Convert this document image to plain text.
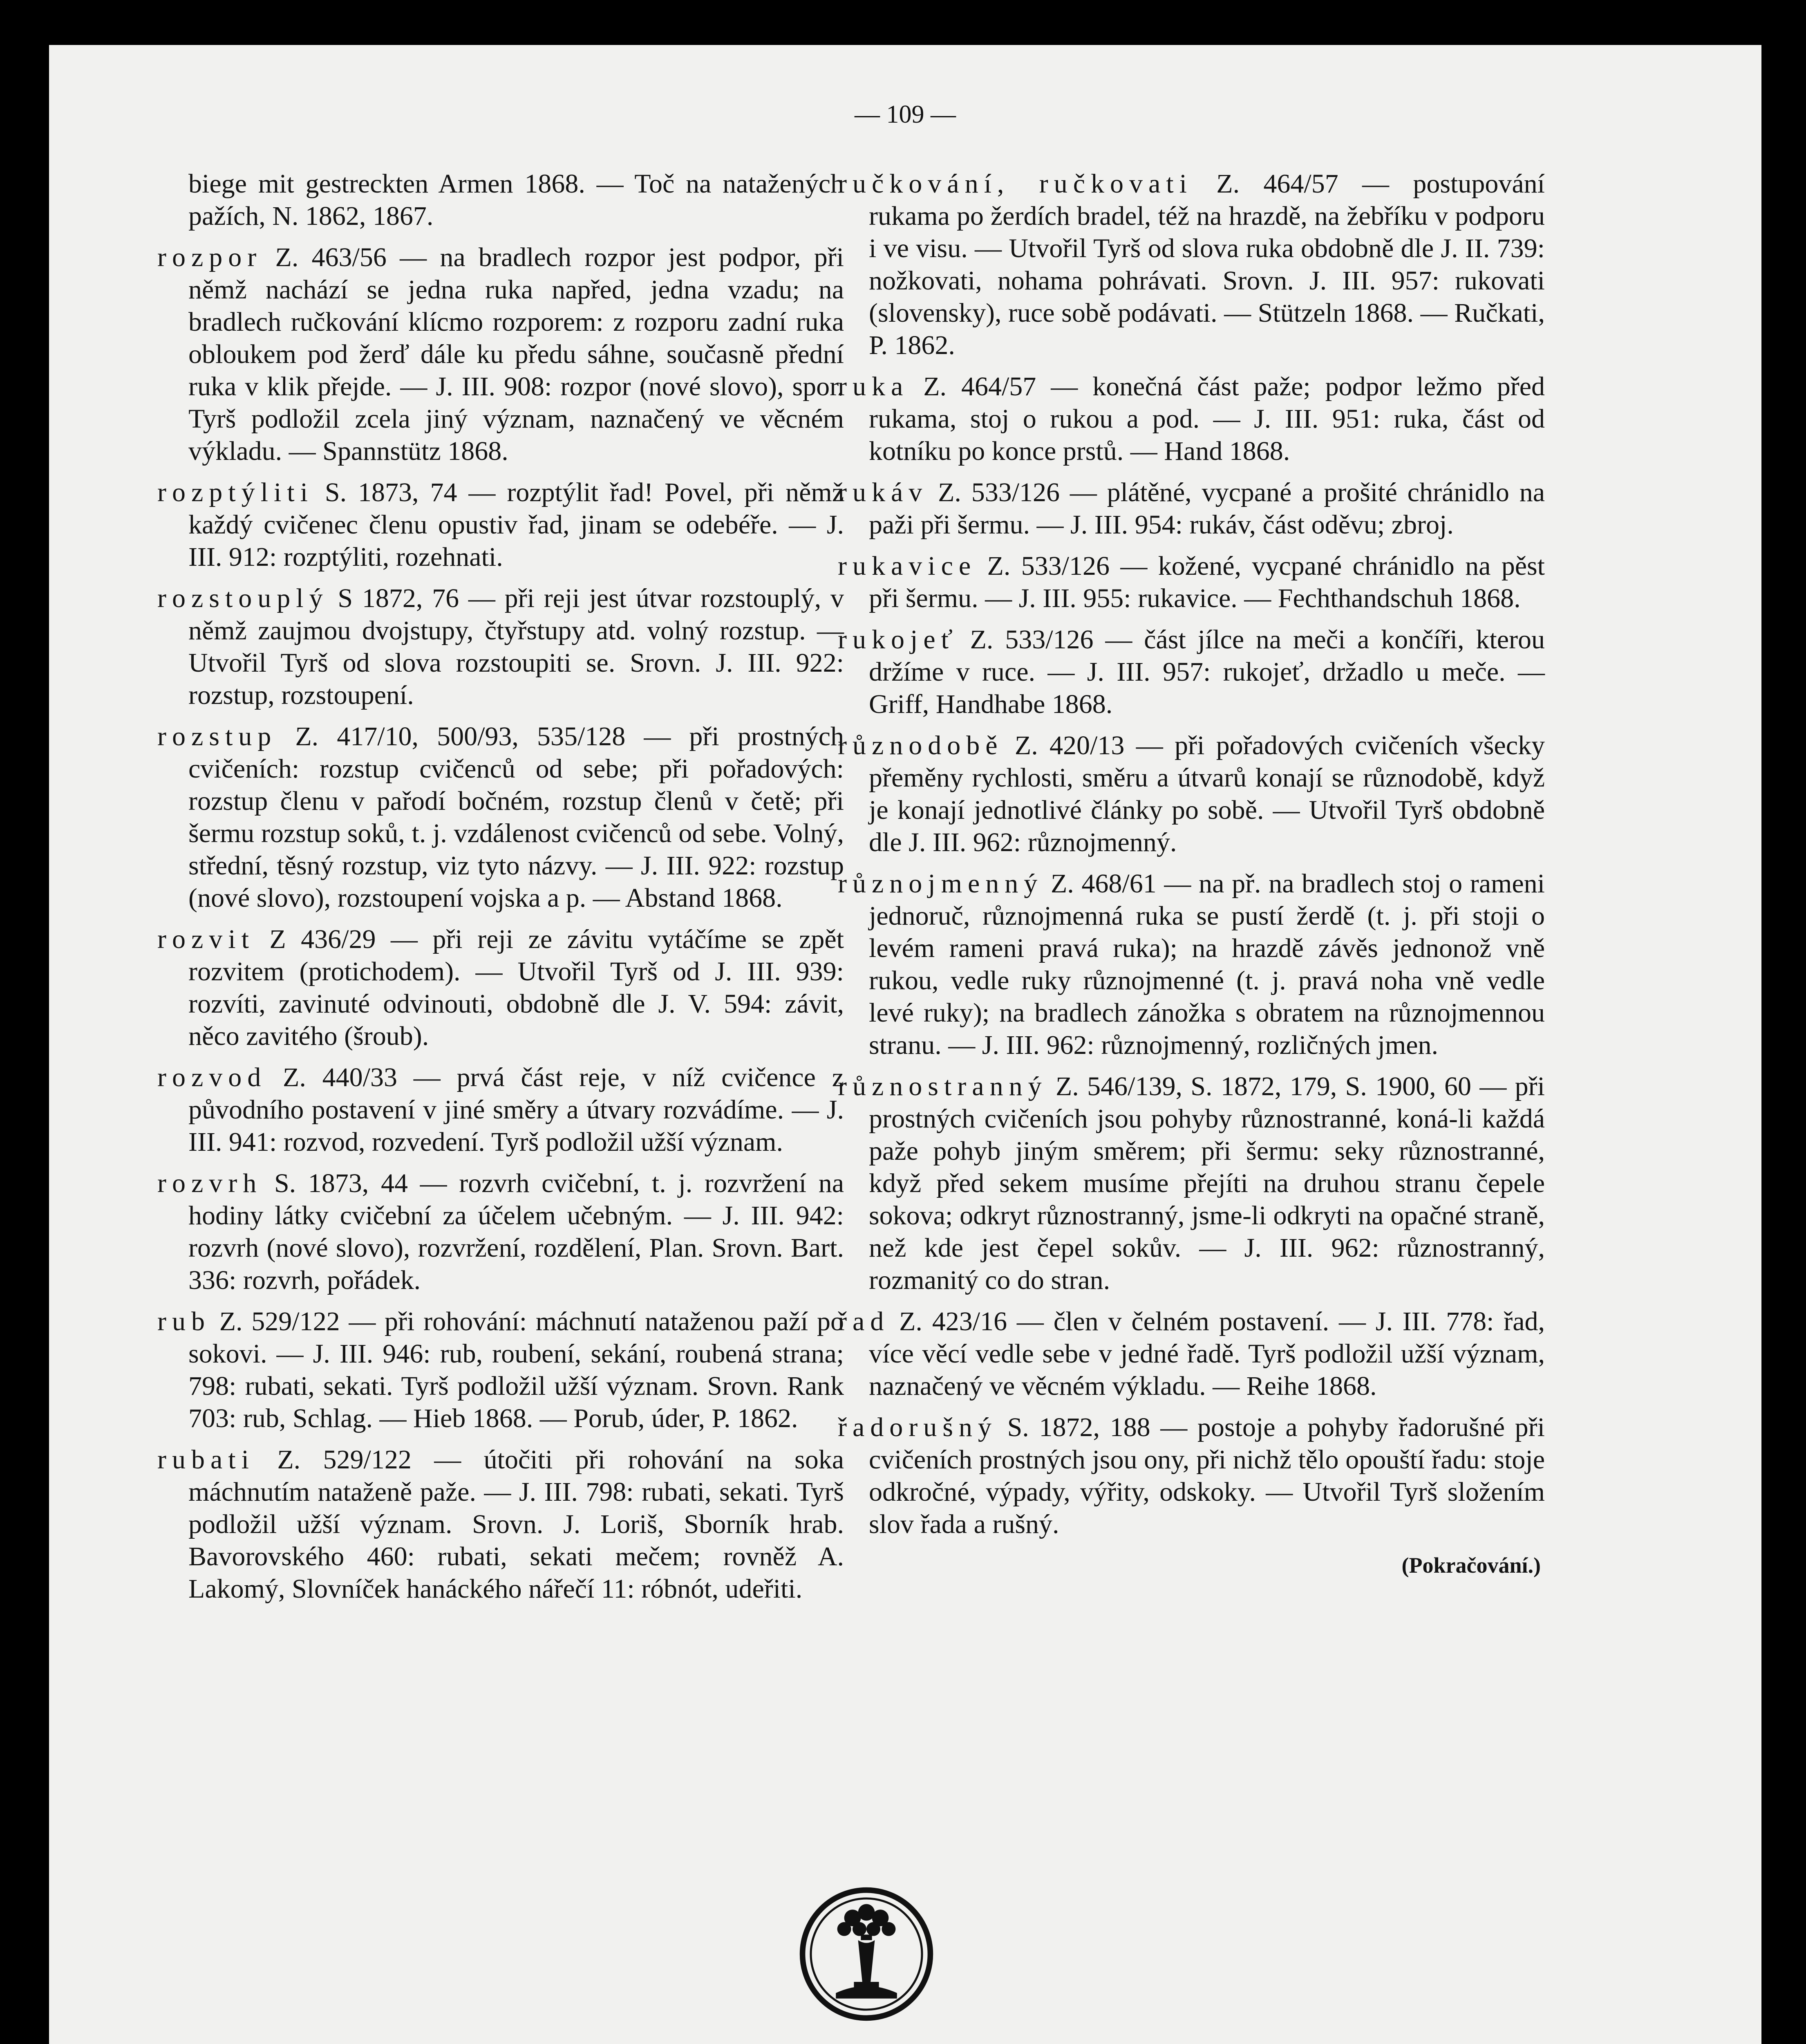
— 109 —

biege mit gestreckten Armen 1868. — Toč na natažených pažích, N. 1862, 1867.

rozpor Z. 463/56 — na bradlech rozpor jest podpor, při němž nachází se jedna ruka napřed, jedna vzadu; na bradlech ručkování klícmo rozporem: z rozporu zadní ruka obloukem pod žerď dále ku předu sáhne, současně přední ruka v klik přejde. — J. III. 908: rozpor (nové slovo), spor. Tyrš podložil zcela jiný význam, naznačený ve věcném výkladu. — Spannstütz 1868.

rozptýliti S. 1873, 74 — rozptýlit řad! Povel, při němž každý cvičenec členu opustiv řad, jinam se odebéře. — J. III. 912: rozptýliti, rozehnati.

rozstouplý S 1872, 76 — při reji jest útvar rozstouplý, v němž zaujmou dvojstupy, čtyřstupy atd. volný rozstup. — Utvořil Tyrš od slova rozstoupiti se. Srovn. J. III. 922: rozstup, rozstoupení.

rozstup Z. 417/10, 500/93, 535/128 — při prostných cvičeních: rozstup cvičenců od sebe; při pořadových: rozstup členu v pařodí bočném, rozstup členů v četě; při šermu rozstup soků, t. j. vzdálenost cvičenců od sebe. Volný, střední, těsný rozstup, viz tyto názvy. — J. III. 922: rozstup (nové slovo), rozstoupení vojska a p. — Abstand 1868.

rozvit Z 436/29 — při reji ze závitu vytáčíme se zpět rozvitem (protichodem). — Utvořil Tyrš od J. III. 939: rozvíti, zavinuté odvinouti, obdobně dle J. V. 594: závit, něco zavitého (šroub).

rozvod Z. 440/33 — prvá část reje, v níž cvičence z původního postavení v jiné směry a útvary rozvádíme. — J. III. 941: rozvod, rozvedení. Tyrš podložil užší význam.

rozvrh S. 1873, 44 — rozvrh cvičební, t. j. rozvržení na hodiny látky cvičební za účelem učebným. — J. III. 942: rozvrh (nové slovo), rozvržení, rozdělení, Plan. Srovn. Bart. 336: rozvrh, pořádek.

rub Z. 529/122 — při rohování: máchnutí nataženou paží po sokovi. — J. III. 946: rub, roubení, sekání, roubená strana; 798: rubati, sekati. Tyrš podložil užší význam. Srovn. Rank 703: rub, Schlag. — Hieb 1868. — Porub, úder, P. 1862.

rubati Z. 529/122 — útočiti při rohování na soka máchnutím nataženě paže. — J. III. 798: rubati, sekati. Tyrš podložil užší význam. Srovn. J. Loriš, Sborník hrab. Bavorovského 460: rubati, sekati mečem; rovněž A. Lakomý, Slovníček hanáckého nářečí 11: róbnót, udeřiti.

ručkování, ručkovati Z. 464/57 — postupování rukama po žerdích bradel, též na hrazdě, na žebříku v podporu i ve visu. — Utvořil Tyrš od slova ruka obdobně dle J. II. 739: nožkovati, nohama pohrávati. Srovn. J. III. 957: rukovati (slovensky), ruce sobě podávati. — Stützeln 1868. — Ručkati, P. 1862.

ruka Z. 464/57 — konečná část paže; podpor ležmo před rukama, stoj o rukou a pod. — J. III. 951: ruka, část od kotníku po konce prstů. — Hand 1868.

rukáv Z. 533/126 — plátěné, vycpané a prošité chránidlo na paži při šermu. — J. III. 954: rukáv, část oděvu; zbroj.

rukavice Z. 533/126 — kožené, vycpané chránidlo na pěst při šermu. — J. III. 955: rukavice. — Fechthandschuh 1868.

rukojeť Z. 533/126 — část jílce na meči a končíři, kterou držíme v ruce. — J. III. 957: rukojeť, držadlo u meče. — Griff, Handhabe 1868.

různodobě Z. 420/13 — při pořadových cvičeních všecky přeměny rychlosti, směru a útvarů konají se různodobě, když je konají jednotlivé články po sobě. — Utvořil Tyrš obdobně dle J. III. 962: různojmenný.

různojmenný Z. 468/61 — na př. na bradlech stoj o rameni jednoruč, různojmenná ruka se pustí žerdě (t. j. při stoji o levém rameni pravá ruka); na hrazdě závěs jednonož vně rukou, vedle ruky různojmenné (t. j. pravá noha vně vedle levé ruky); na bradlech zánožka s obratem na různojmennou stranu. — J. III. 962: různojmenný, rozličných jmen.

různostranný Z. 546/139, S. 1872, 179, S. 1900, 60 — při prostných cvičeních jsou pohyby různostranné, koná-li každá paže pohyb jiným směrem; při šermu: seky různostranné, když před sekem musíme přejíti na druhou stranu čepele sokova; odkryt různostranný, jsme-li odkryti na opačné straně, než kde jest čepel sokův. — J. III. 962: různostranný, rozmanitý co do stran.

řad Z. 423/16 — člen v čelném postavení. — J. III. 778: řad, více věcí vedle sebe v jedné řadě. Tyrš podložil užší význam, naznačený ve věcném výkladu. — Reihe 1868.

řadorušný S. 1872, 188 — postoje a pohyby řadorušné při cvičeních prostných jsou ony, při nichž tělo opouští řadu: stoje odkročné, výpady, výřity, odskoky. — Utvořil Tyrš složením slov řada a rušný.

(Pokračování.)
